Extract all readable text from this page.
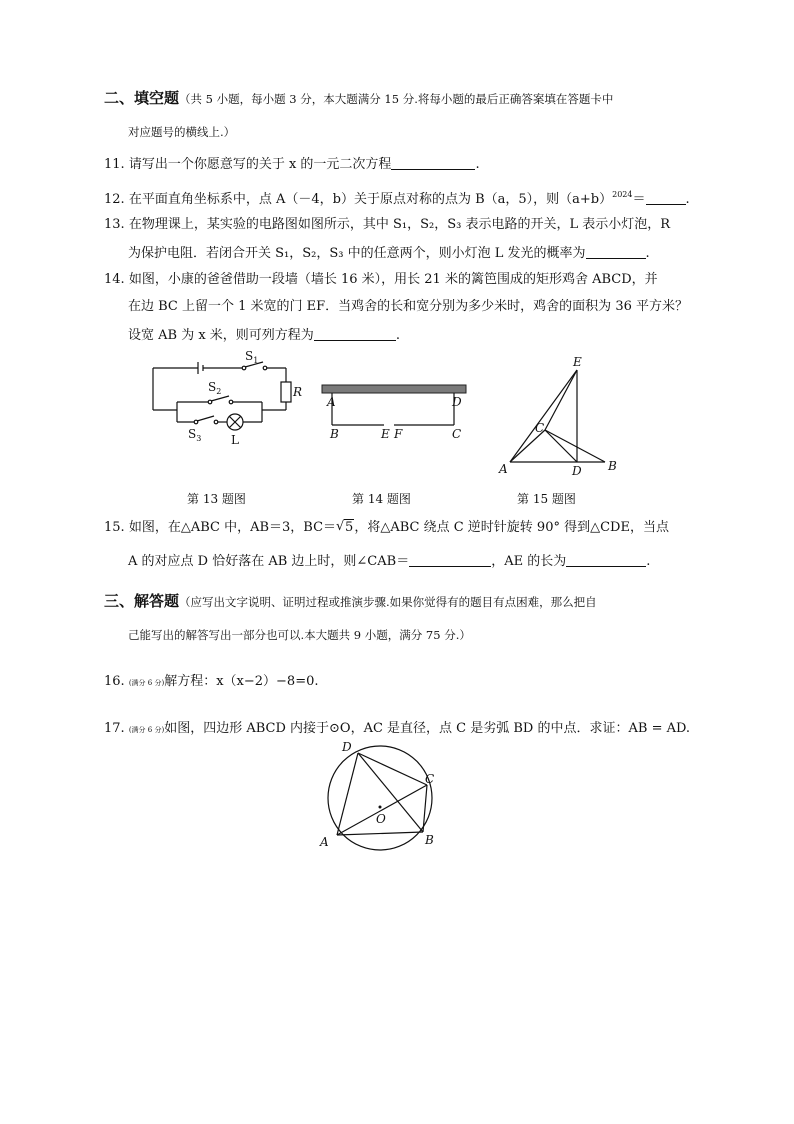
二、填空题（共 5 小题，每小题 3 分，本大题满分 15 分.将每小题的最后正确答案填在答题卡中
对应题号的横线上.）
11. 请写出一个你愿意写的关于 x 的一元二次方程	.
12. 在平面直角坐标系中，点 A（－4，b）关于原点对称的点为 B（a，5），则$(a+b)^{2024}=$	.
13. 在物理课上，某实验的电路图如图所示，其中 S₁，S₂，S₃ 表示电路的开关，L 表示小灯泡，R
为保护电阻．若闭合开关 S₁，S₂，S₃ 中的任意两个，则小灯泡 L 发光的概率为	.
14. 如图，小康的爸爸借助一段墙（墙长 16 米），用长 21 米的篱笆围成的矩形鸡舍 ABCD，并
在边 BC 上留一个 1 米宽的门 EF．当鸡舍的长和宽分别为多少米时，鸡舍的面积为 36 平方米？
设宽 AB 为 x 米，则可列方程为	.
$S_1$
$S_2$
$S_3$
R
L
第 13 题图
A	D
B	E F	C
第 14 题图
E
C
A	D B
第 15 题图
15. 如图，在△ABC 中，AB＝3，BC＝√ 5，将△ABC 绕点 C 逆时针旋转 90° 得到△CDE，当点
A 的对应点 D 恰好落在 AB 边上时，则∠CAB＝	，AE 的长为	.
三、解答题（应写出文字说明、证明过程或推演步骤.如果你觉得有的题目有点困难，那么把自
己能写出的解答写出一部分也可以.本大题共 9 小题，满分 75 分.）
16. (满分 6 分)解方程：x（x−2）−8=0.
17. (满分 6 分)如图，四边形 ABCD 内接于⊙O，AC 是直径，点 C 是劣弧 BD 的中点．求证：AB = AD.
D
C
O
A	B
